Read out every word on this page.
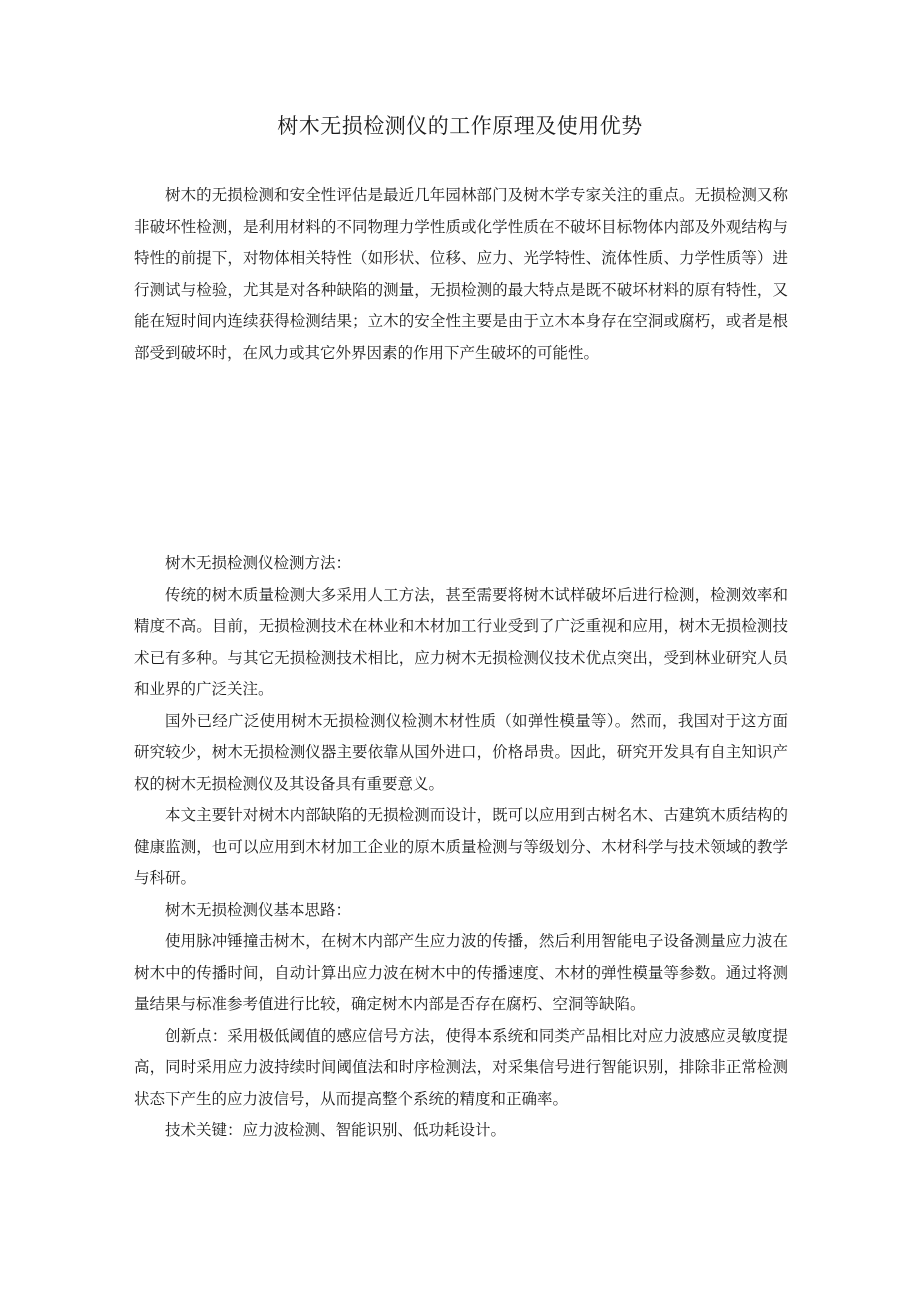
树木无损检测仪的工作原理及使用优势

树木的无损检测和安全性评估是最近几年园林部门及树木学专家关注的重点。无损检测又称非破坏性检测，是利用材料的不同物理力学性质或化学性质在不破坏目标物体内部及外观结构与特性的前提下，对物体相关特性（如形状、位移、应力、光学特性、流体性质、力学性质等）进行测试与检验，尤其是对各种缺陷的测量，无损检测的最大特点是既不破坏材料的原有特性，又能在短时间内连续获得检测结果；立木的安全性主要是由于立木本身存在空洞或腐朽，或者是根部受到破坏时，在风力或其它外界因素的作用下产生破坏的可能性。

树木无损检测仪检测方法：

传统的树木质量检测大多采用人工方法，甚至需要将树木试样破坏后进行检测，检测效率和精度不高。目前，无损检测技术在林业和木材加工行业受到了广泛重视和应用，树木无损检测技术已有多种。与其它无损检测技术相比，应力树木无损检测仪技术优点突出，受到林业研究人员和业界的广泛关注。

国外已经广泛使用树木无损检测仪检测木材性质（如弹性模量等）。然而，我国对于这方面研究较少，树木无损检测仪器主要依靠从国外进口，价格昂贵。因此，研究开发具有自主知识产权的树木无损检测仪及其设备具有重要意义。

本文主要针对树木内部缺陷的无损检测而设计，既可以应用到古树名木、古建筑木质结构的健康监测，也可以应用到木材加工企业的原木质量检测与等级划分、木材科学与技术领域的教学与科研。

树木无损检测仪基本思路：

使用脉冲锤撞击树木，在树木内部产生应力波的传播，然后利用智能电子设备测量应力波在树木中的传播时间，自动计算出应力波在树木中的传播速度、木材的弹性模量等参数。通过将测量结果与标准参考值进行比较，确定树木内部是否存在腐朽、空洞等缺陷。

创新点：采用极低阈值的感应信号方法，使得本系统和同类产品相比对应力波感应灵敏度提高，同时采用应力波持续时间阈值法和时序检测法，对采集信号进行智能识别，排除非正常检测状态下产生的应力波信号，从而提高整个系统的精度和正确率。

技术关键：应力波检测、智能识别、低功耗设计。
